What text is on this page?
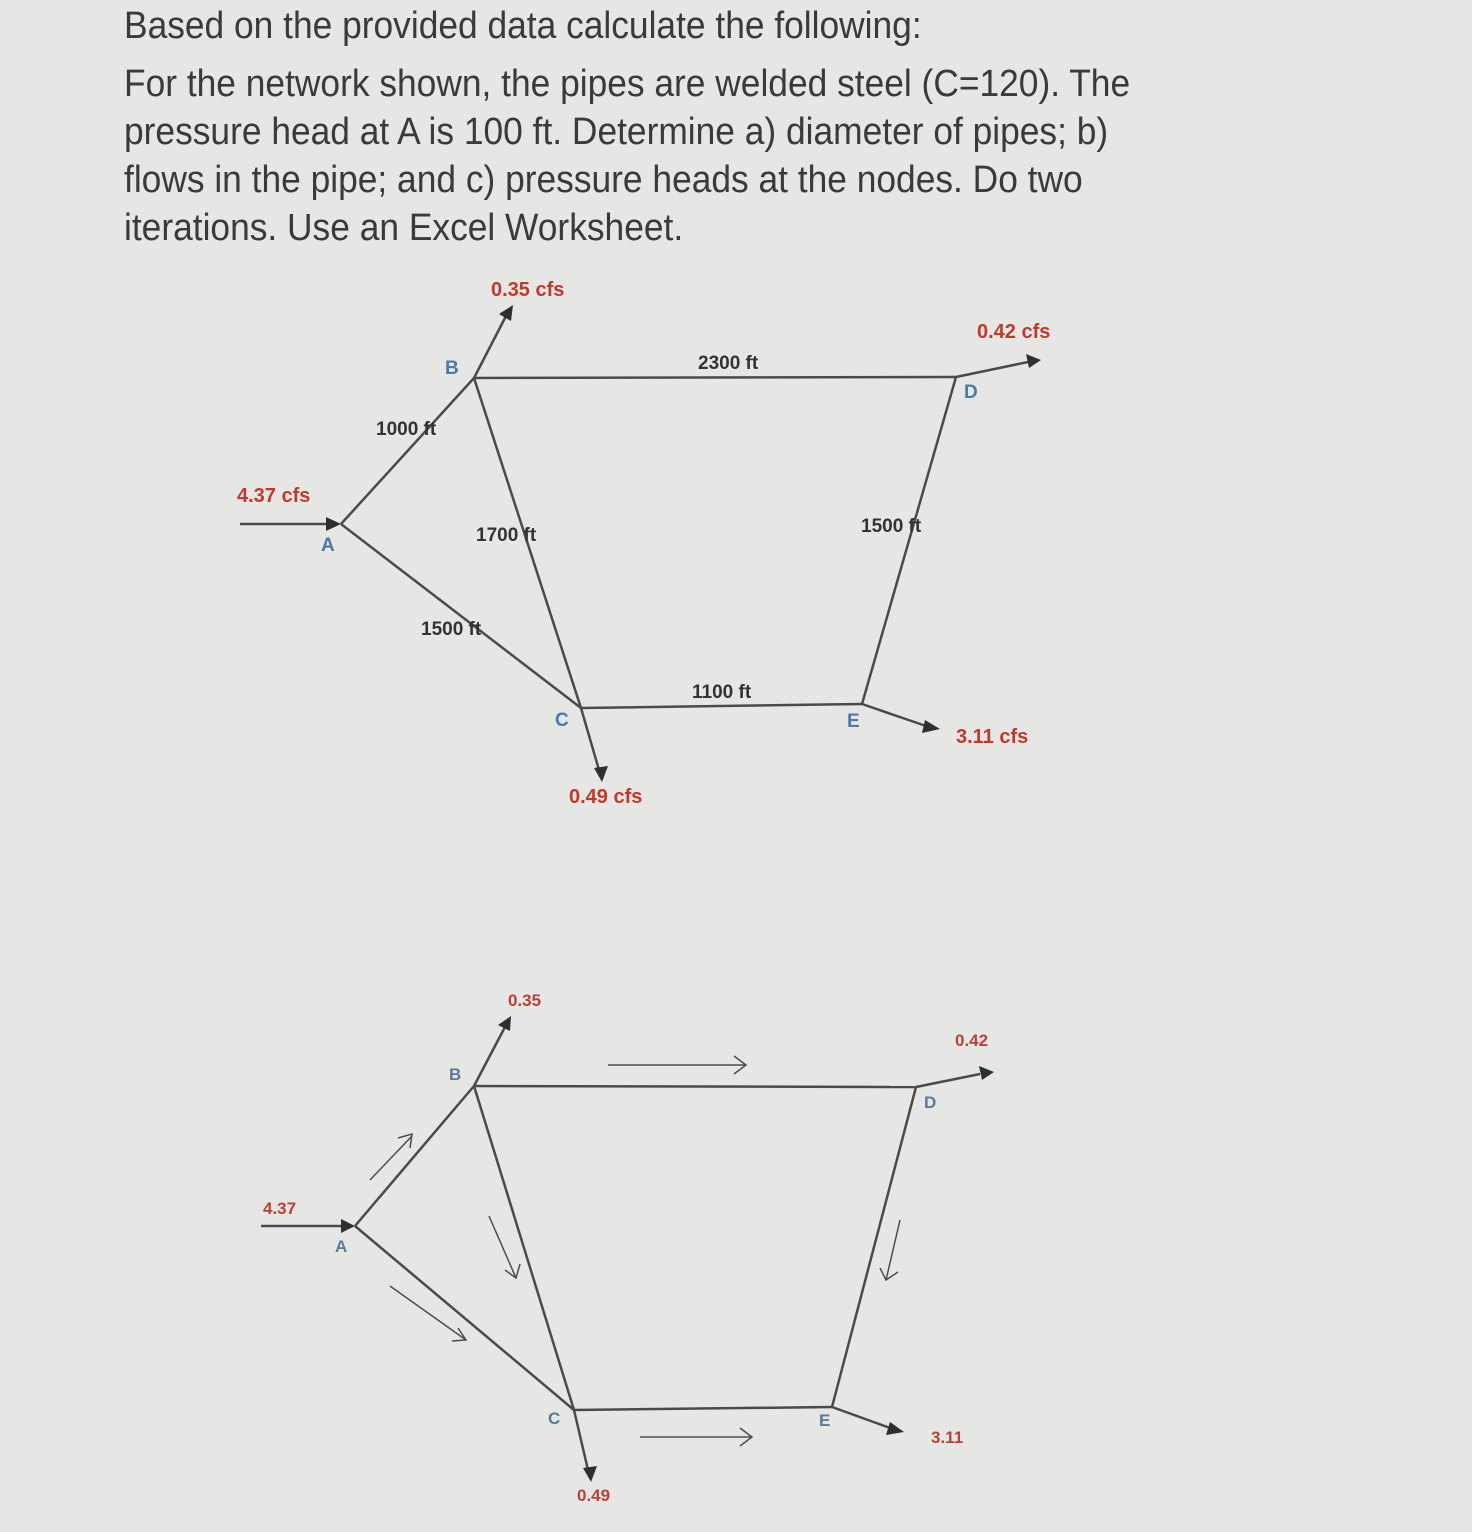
Based on the provided data calculate the following:

For the network shown, the pipes are welded steel (C=120). The pressure head at A is 100 ft. Determine a) diameter of pipes; b) flows in the pipe; and c) pressure heads at the nodes. Do two iterations. Use an Excel Worksheet.

4.37 cfs
0.35 cfs
0.42 cfs
0.49 cfs
3.11 cfs
1000 ft
1500 ft
1700 ft
2300 ft
1500 ft
1100 ft
A
B
C
D
E
4.37
0.35
0.42
0.49
3.11
A
B
C
D
E
